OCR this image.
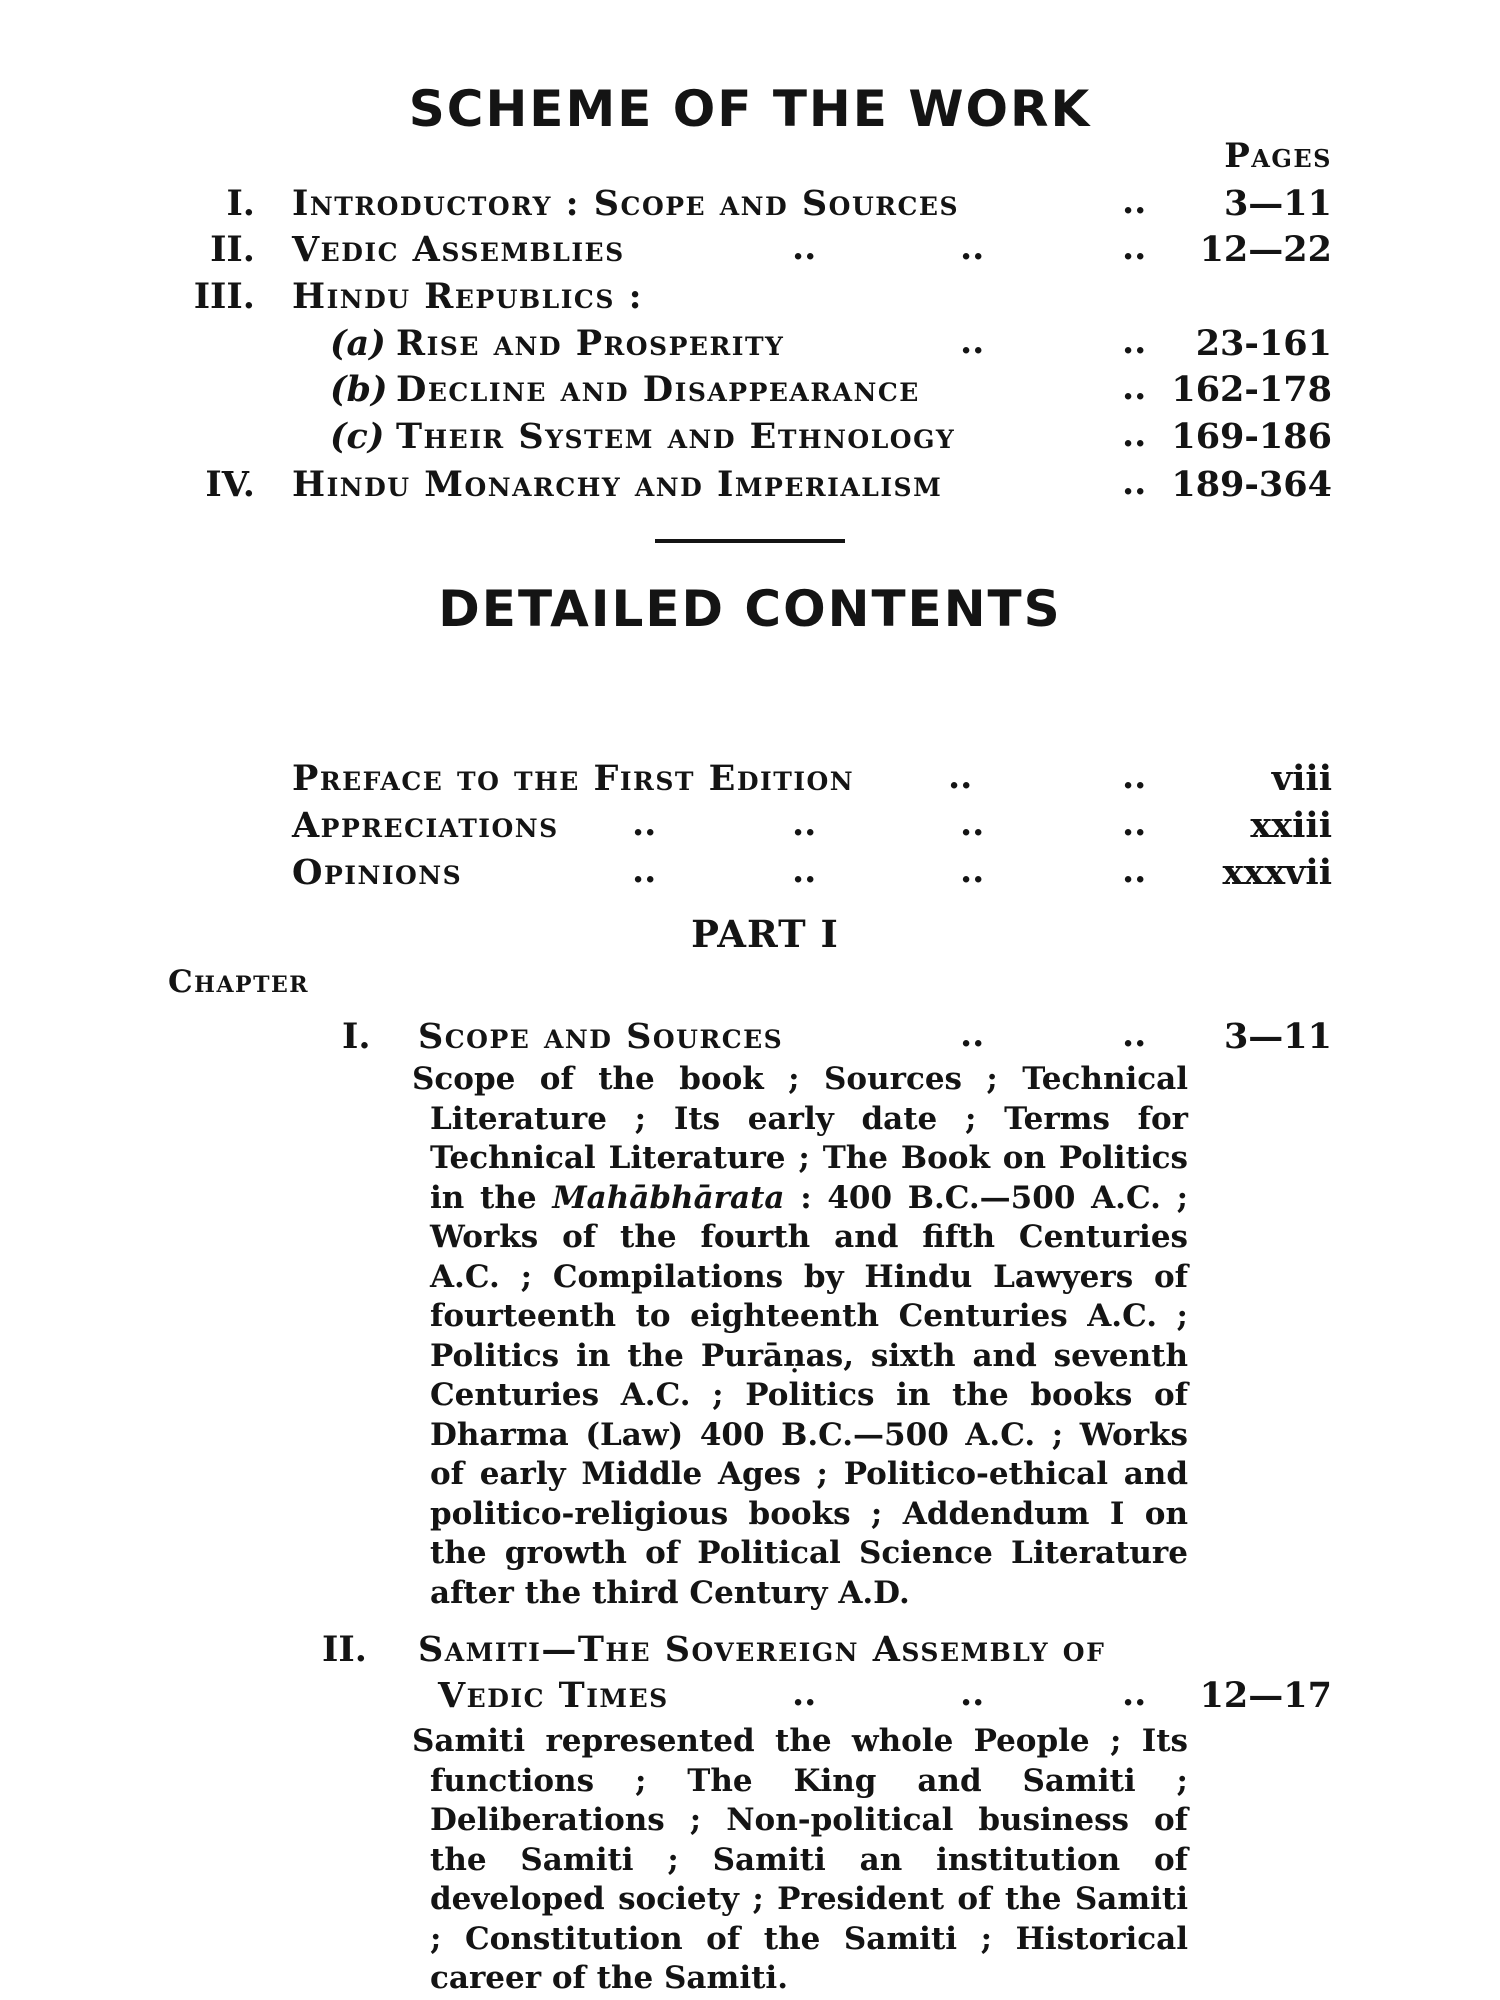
SCHEME OF THE WORK
Pages
I. Introductory : Scope and Sources	.. 3—11
II. Vedic Assemblies	..	..	.. 12—22
III. Hindu Republics :
(a) Rise and Prosperity	..	.. 23-161
(b) Decline and Disappearance	.. 162-178
(c) Their System and Ethnology	.. 169-186
IV. Hindu Monarchy and Imperialism	.. 189-364
DETAILED CONTENTS
Preface to the First Edition	..	..	viii
Appreciations ..	..	..	..	xxiii
Opinions	..	..	..	.. xxxvii
PART I
Chapter
I. Scope and Sources	..	.. 3—11
Scope of the book ; Sources ; Technical Literature ; Its early date ; Terms for Technical Literature ; The Book on Politics in the Mahābhārata : 400 B.C.—500 A.C. ; Works of the fourth and fifth Centuries A.C. ; Compilations by Hindu Lawyers of fourteenth to eighteenth Centuries A.C. ; Politics in the Purāṇas, sixth and seventh Centuries A.C. ; Politics in the books of Dharma (Law) 400 B.C.—500 A.C. ; Works of early Middle Ages ; Politico-ethical and politico-religious books ; Addendum I on the growth of Political Science Literature after the third Century A.D.
II. Samiti—The Sovereign Assembly of
Vedic Times	..	..	.. 12—17
Samiti represented the whole People ; Its functions ; The King and Samiti ; Deliberations ; Non-political business of the Samiti ; Samiti an institution of developed society ; President of the Samiti ; Constitution of the Samiti ; Historical career of the Samiti.
